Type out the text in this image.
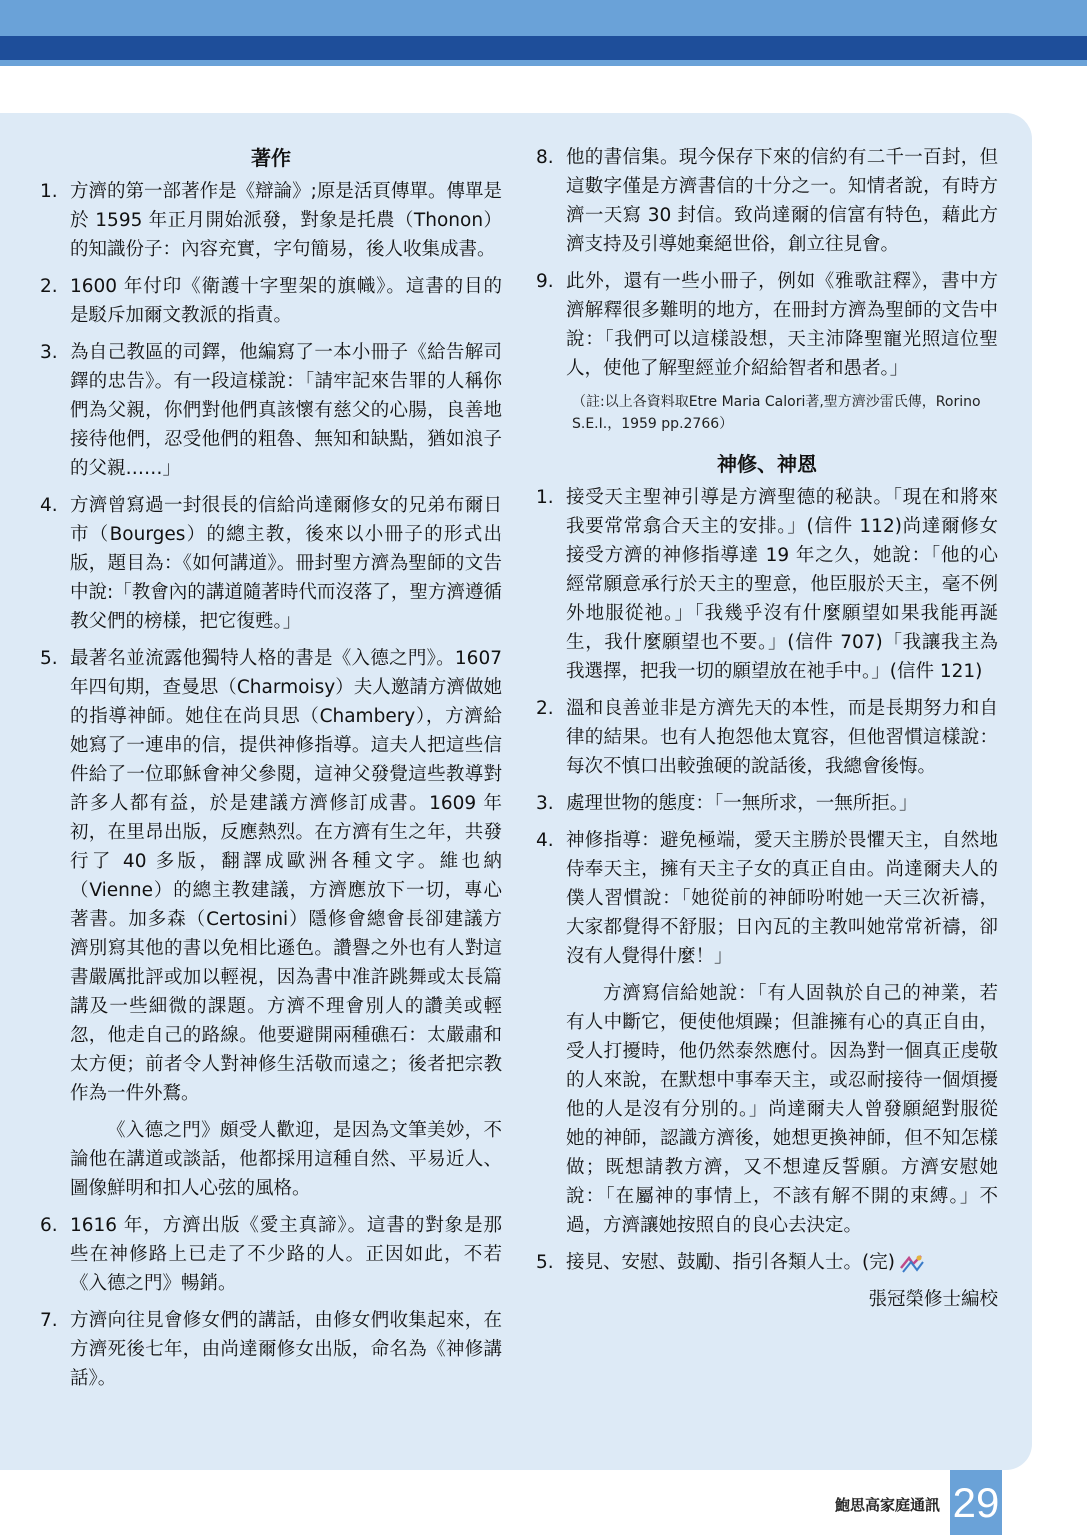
著作
1. 方濟的第一部著作是《辯論》;原是活頁傳單。傳單是於 1595 年正月開始派發，對象是托農（Thonon）的知識份子：內容充實，字句簡易，後人收集成書。
2. 1600 年付印《衛護十字聖架的旗幟》。這書的目的是駁斥加爾文教派的指責。
3. 為自己教區的司鐸，他編寫了一本小冊子《給告解司鐸的忠告》。有一段這樣說：「請牢記來告罪的人稱你們為父親，你們對他們真該懷有慈父的心腸，良善地接待他們，忍受他們的粗魯、無知和缺點，猶如浪子的父親……」
4. 方濟曾寫過一封很長的信給尚達爾修女的兄弟布爾日市（Bourges）的總主教，後來以小冊子的形式出版，題目為：《如何講道》。冊封聖方濟為聖師的文告中說:「教會內的講道隨著時代而沒落了，聖方濟遵循教父們的榜樣，把它復甦。」
5. 最著名並流露他獨特人格的書是《入德之門》。1607 年四旬期，查曼思（Charmoisy）夫人邀請方濟做她的指導神師。她住在尚貝思（Chambery），方濟給她寫了一連串的信，提供神修指導。這夫人把這些信件給了一位耶穌會神父參閱，這神父發覺這些教導對許多人都有益，於是建議方濟修訂成書。1609 年初，在里昂出版，反應熱烈。在方濟有生之年，共發行了 40 多版，翻譯成歐洲各種文字。維也納（Vienne）的總主教建議，方濟應放下一切，專心著書。加多森（Certosini）隱修會總會長卻建議方濟別寫其他的書以免相比遜色。讚譽之外也有人對這書嚴厲批評或加以輕視，因為書中准許跳舞或太長篇講及一些細微的課題。方濟不理會別人的讚美或輕忽，他走自己的路線。他要避開兩種礁石：太嚴肅和太方便；前者令人對神修生活敬而遠之；後者把宗教作為一件外鶩。

《入德之門》頗受人歡迎，是因為文筆美妙，不論他在講道或談話，他都採用這種自然、平易近人、圖像鮮明和扣人心弦的風格。

6. 1616 年，方濟出版《愛主真諦》。這書的對象是那些在神修路上已走了不少路的人。正因如此，不若《入德之門》暢銷。
7. 方濟向往見會修女們的講話，由修女們收集起來，在方濟死後七年，由尚達爾修女出版，命名為《神修講話》。
8. 他的書信集。現今保存下來的信約有二千一百封，但這數字僅是方濟書信的十分之一。知情者說，有時方濟一天寫 30 封信。致尚達爾的信富有特色，藉此方濟支持及引導她棄絕世俗，創立往見會。
9. 此外，還有一些小冊子，例如《雅歌註釋》，書中方濟解釋很多難明的地方，在冊封方濟為聖師的文告中說：「我們可以這樣設想，天主沛降聖寵光照這位聖人，使他了解聖經並介紹給智者和愚者。」
（註:以上各資料取Etre Maria Calori著,聖方濟沙雷氏傳，Rorino S.E.I.，1959 pp.2766）
神修、神恩
1. 接受天主聖神引導是方濟聖德的秘訣。「現在和將來我要常常翕合天主的安排。」(信件 112)尚達爾修女接受方濟的神修指導達 19 年之久，她說：「他的心經常願意承行於天主的聖意，他臣服於天主，毫不例外地服從祂。」「我幾乎沒有什麼願望如果我能再誕生，我什麼願望也不要。」(信件 707)「我讓我主為我選擇，把我一切的願望放在祂手中。」(信件 121)
2. 溫和良善並非是方濟先天的本性，而是長期努力和自律的結果。也有人抱怨他太寬容，但他習慣這樣說：每次不慎口出較強硬的說話後，我總會後悔。
3. 處理世物的態度：「一無所求，一無所拒。」
4. 神修指導：避免極端，愛天主勝於畏懼天主，自然地侍奉天主，擁有天主子女的真正自由。尚達爾夫人的僕人習慣說：「她從前的神師吩咐她一天三次祈禱，大家都覺得不舒服；日內瓦的主教叫她常常祈禱，卻沒有人覺得什麼！」

方濟寫信給她說：「有人固執於自己的神業，若有人中斷它，便使他煩躁；但誰擁有心的真正自由，受人打擾時，他仍然泰然應付。因為對一個真正虔敬的人來說，在默想中事奉天主，或忍耐接待一個煩擾他的人是沒有分別的。」尚達爾夫人曾發願絕對服從她的神師，認識方濟後，她想更換神師，但不知怎樣做；既想請教方濟，又不想違反誓願。方濟安慰她說：「在屬神的事情上，不該有解不開的束縛。」不過，方濟讓她按照自的良心去決定。

5. 接見、安慰、鼓勵、指引各類人士。(完)

張冠榮修士編校

鮑思高家庭通訊 29
